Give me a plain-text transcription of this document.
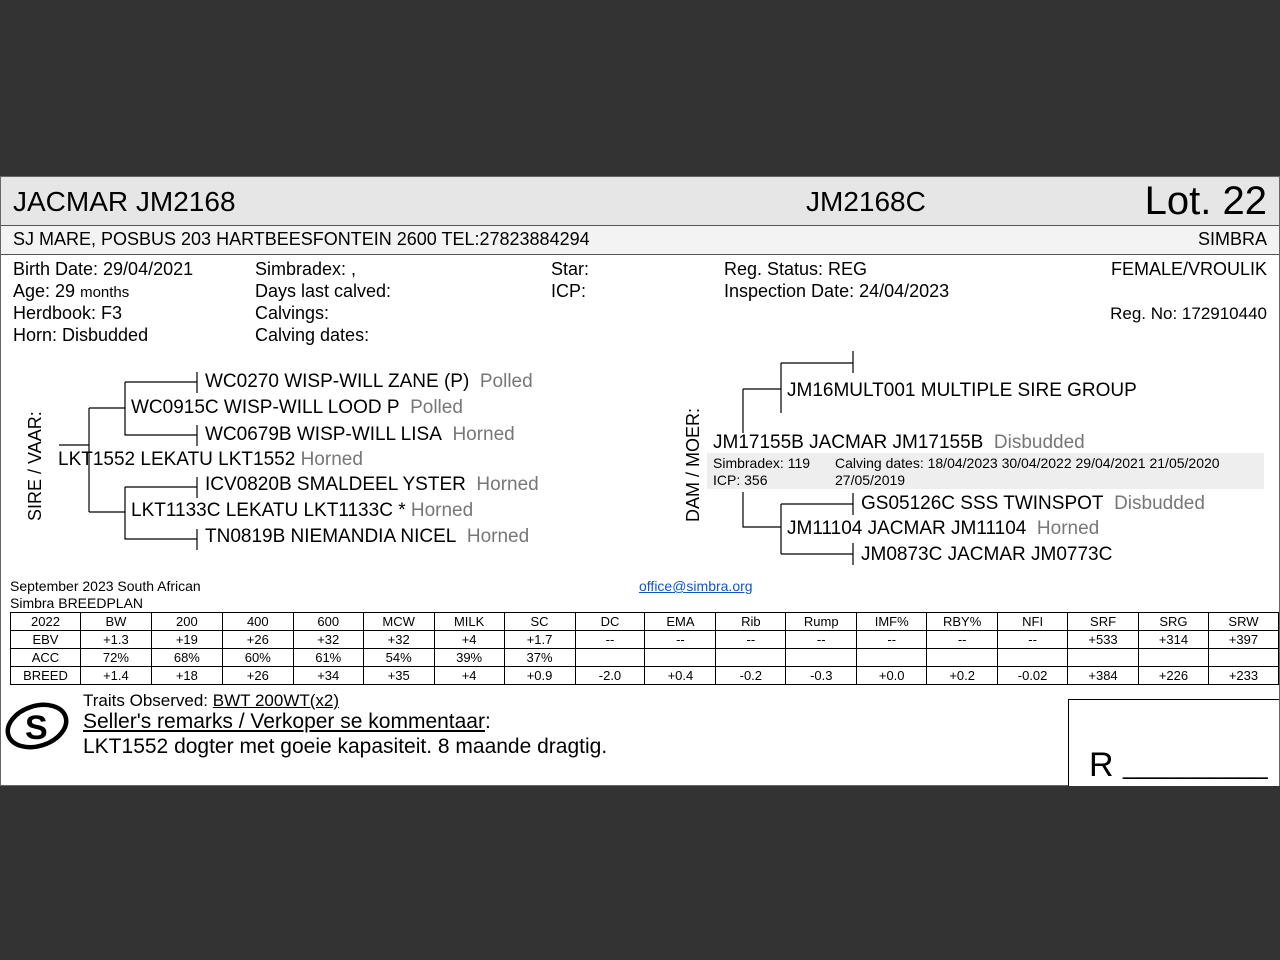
JACMAR JM2168	JM2168C	Lot. 22
SJ MARE, POSBUS 203 HARTBEESFONTEIN 2600 TEL:27823884294	SIMBRA
Birth Date: 29/04/2021
Age: 29 months
Herdbook: F3
Horn: Disbudded
Simbradex: ,
Days last calved:
Calvings:
Calving dates:
Star:
ICP:
Reg. Status: REG
Inspection Date: 24/04/2023
FEMALE/VROULIK
Reg. No: 172910440
SIRE / VAAR:
WC0270 WISP-WILL ZANE (P) Polled
WC0915C WISP-WILL LOOD P Polled
WC0679B WISP-WILL LISA Horned
LKT1552 LEKATU LKT1552 Horned
ICV0820B SMALDEEL YSTER Horned
LKT1133C LEKATU LKT1133C * Horned
TN0819B NIEMANDIA NICEL Horned
DAM / MOER:
JM16MULT001 MULTIPLE SIRE GROUP
JM17155B JACMAR JM17155B Disbudded
Simbradex: 119
ICP: 356
Calving dates: 18/04/2023 30/04/2022 29/04/2021 21/05/2020
27/05/2019
GS05126C SSS TWINSPOT Disbudded
JM11104 JACMAR JM11104 Horned
JM0873C JACMAR JM0773C
September 2023 South African
Simbra BREEDPLAN
office@simbra.org
2022	BW	200	400	600	MCW	MILK	SC	DC	EMA	Rib	Rump	IMF%	RBY%	NFI	SRF	SRG	SRW
EBV	+1.3	+19	+26	+32	+32	+4	+1.7	--	--	--	--	--	--	--	+533	+314	+397
ACC	72%	68%	60%	61%	54%	39%	37%										
BREED	+1.4	+18	+26	+34	+35	+4	+0.9	-2.0	+0.4	-0.2	-0.3	+0.0	+0.2	-0.02	+384	+226	+233
S
Traits Observed: BWT 200WT(x2)
Seller's remarks / Verkoper se kommentaar:
LKT1552 dogter met goeie kapasiteit. 8 maande dragtig.	R __________
